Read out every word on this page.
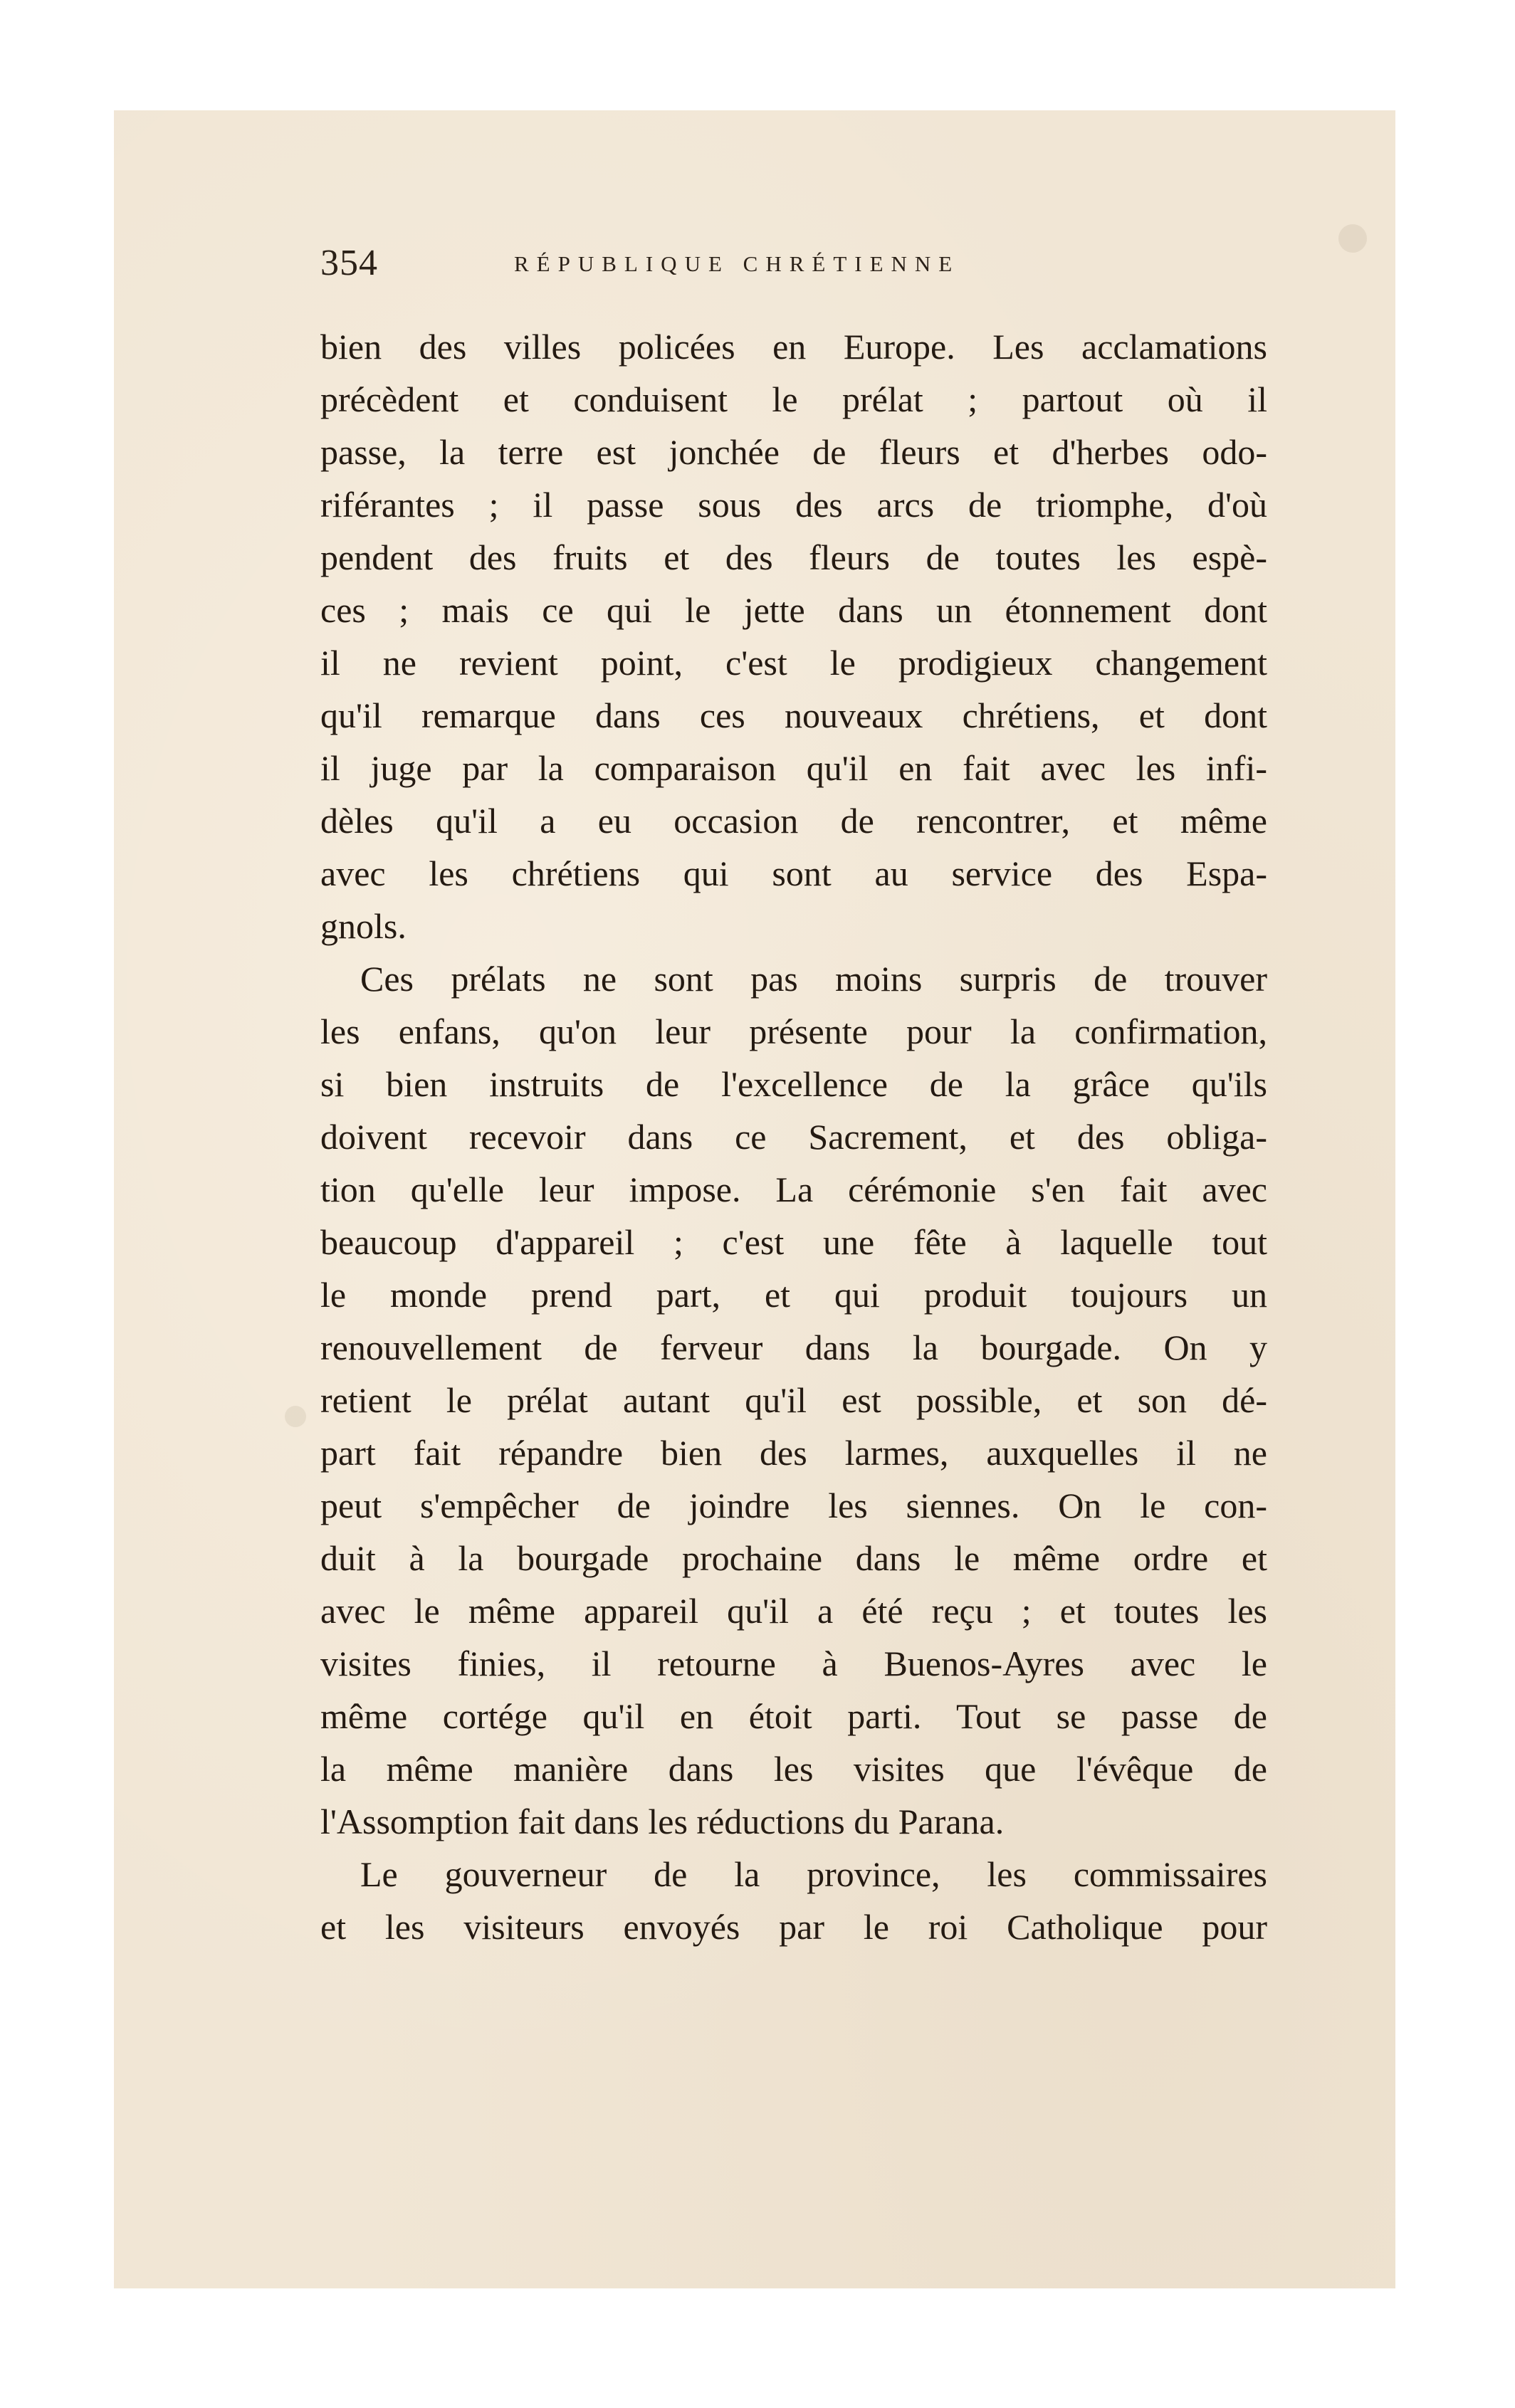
354	RÉPUBLIQUE CHRÉTIENNE
bien des villes policées en Europe. Les acclamations
précèdent et conduisent le prélat ; partout où il
passe, la terre est jonchée de fleurs et d'herbes odo-
riférantes ; il passe sous des arcs de triomphe, d'où
pendent des fruits et des fleurs de toutes les espè-
ces ; mais ce qui le jette dans un étonnement dont
il ne revient point, c'est le prodigieux changement
qu'il remarque dans ces nouveaux chrétiens, et dont
il juge par la comparaison qu'il en fait avec les infi-
dèles qu'il a eu occasion de rencontrer, et même
avec les chrétiens qui sont au service des Espa-
gnols.
Ces prélats ne sont pas moins surpris de trouver
les enfans, qu'on leur présente pour la confirmation,
si bien instruits de l'excellence de la grâce qu'ils
doivent recevoir dans ce Sacrement, et des obliga-
tion qu'elle leur impose. La cérémonie s'en fait avec
beaucoup d'appareil ; c'est une fête à laquelle tout
le monde prend part, et qui produit toujours un
renouvellement de ferveur dans la bourgade. On y
retient le prélat autant qu'il est possible, et son dé-
part fait répandre bien des larmes, auxquelles il ne
peut s'empêcher de joindre les siennes. On le con-
duit à la bourgade prochaine dans le même ordre et
avec le même appareil qu'il a été reçu ; et toutes les
visites finies, il retourne à Buenos-Ayres avec le
même cortége qu'il en étoit parti. Tout se passe de
la même manière dans les visites que l'évêque de
l'Assomption fait dans les réductions du Parana.
Le gouverneur de la province, les commissaires
et les visiteurs envoyés par le roi Catholique pour
